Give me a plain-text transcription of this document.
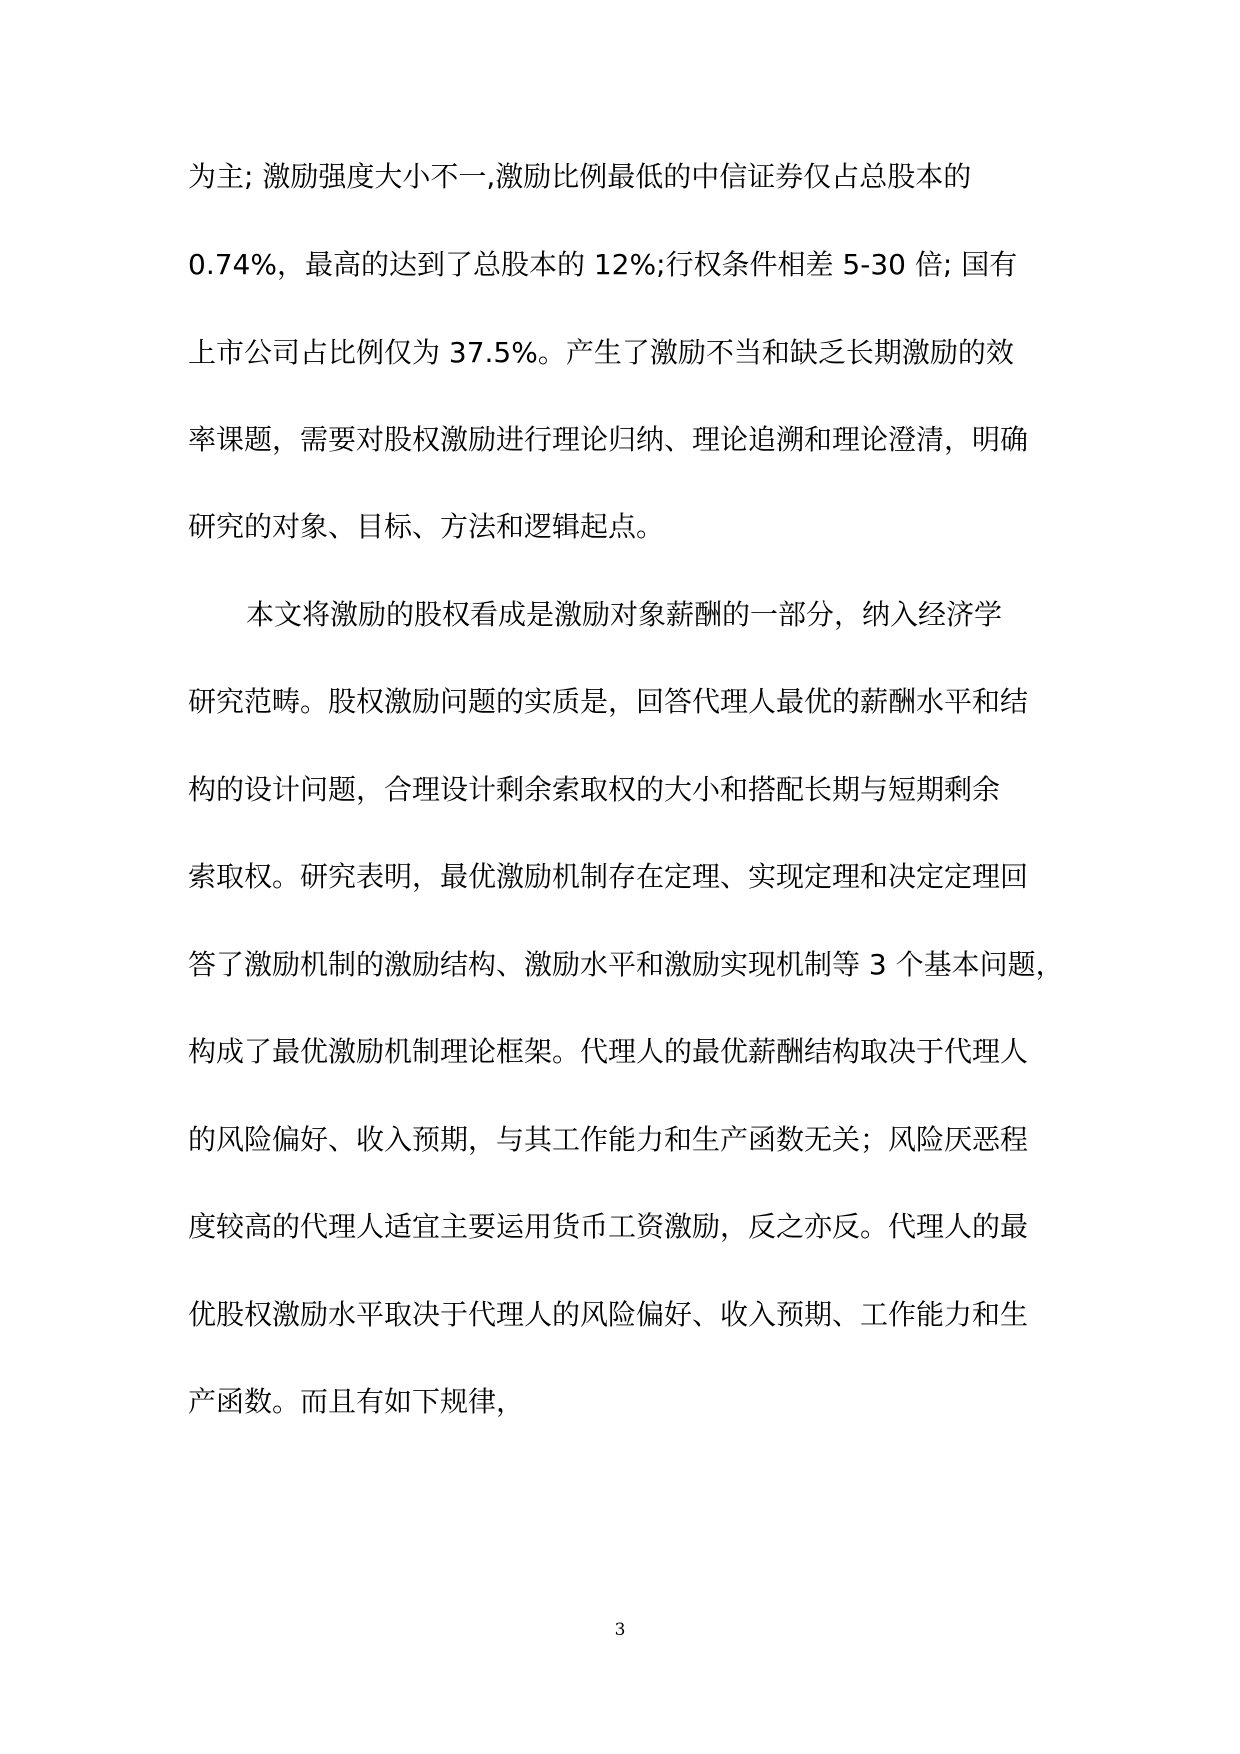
为主; 激励强度大小不一,激励比例最低的中信证券仅占总股本的
0.74%，最高的达到了总股本的 12%;行权条件相差 5-30 倍; 国有
上市公司占比例仅为 37.5%。产生了激励不当和缺乏长期激励的效
率课题，需要对股权激励进行理论归纳、理论追溯和理论澄清，明确
研究的对象、目标、方法和逻辑起点。
本文将激励的股权看成是激励对象薪酬的一部分，纳入经济学
研究范畴。股权激励问题的实质是，回答代理人最优的薪酬水平和结
构的设计问题，合理设计剩余索取权的大小和搭配长期与短期剩余
索取权。研究表明，最优激励机制存在定理、实现定理和决定定理回
答了激励机制的激励结构、激励水平和激励实现机制等 3 个基本问题，
构成了最优激励机制理论框架。代理人的最优薪酬结构取决于代理人
的风险偏好、收入预期，与其工作能力和生产函数无关；风险厌恶程
度较高的代理人适宜主要运用货币工资激励，反之亦反。代理人的最
优股权激励水平取决于代理人的风险偏好、收入预期、工作能力和生
产函数。而且有如下规律，
3
